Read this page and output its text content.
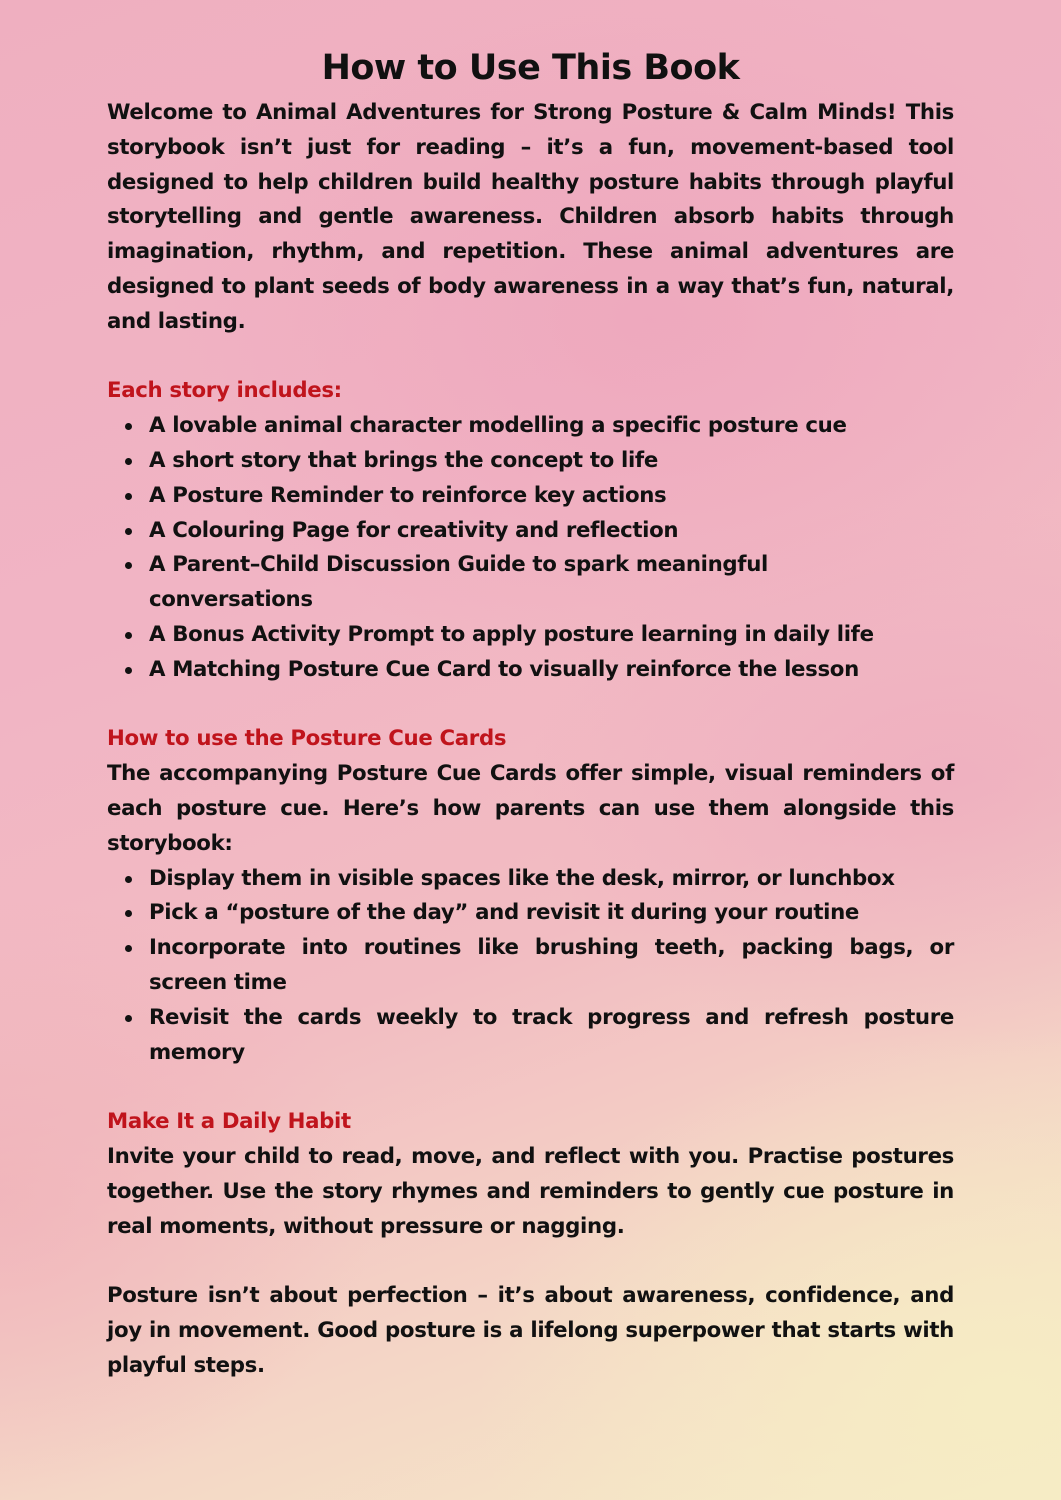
How to Use This Book

Welcome to Animal Adventures for Strong Posture & Calm Minds! This storybook isn’t just for reading – it’s a fun, movement-based tool designed to help children build healthy posture habits through playful storytelling and gentle awareness. Children absorb habits through imagination, rhythm, and repetition. These animal adventures are designed to plant seeds of body awareness in a way that’s fun, natural, and lasting.

Each story includes:

A lovable animal character modelling a specific posture cue
A short story that brings the concept to life
A Posture Reminder to reinforce key actions
A Colouring Page for creativity and reflection
A Parent–Child Discussion Guide to spark meaningful conversations
A Bonus Activity Prompt to apply posture learning in daily life
A Matching Posture Cue Card to visually reinforce the lesson

How to use the Posture Cue Cards

The accompanying Posture Cue Cards offer simple, visual reminders of each posture cue. Here’s how parents can use them alongside this storybook:

Display them in visible spaces like the desk, mirror, or lunchbox
Pick a “posture of the day” and revisit it during your routine
Incorporate into routines like brushing teeth, packing bags, or screen time
Revisit the cards weekly to track progress and refresh posture memory

Make It a Daily Habit

Invite your child to read, move, and reflect with you. Practise postures together. Use the story rhymes and reminders to gently cue posture in real moments, without pressure or nagging.

Posture isn’t about perfection – it’s about awareness, confidence, and joy in movement. Good posture is a lifelong superpower that starts with playful steps.
